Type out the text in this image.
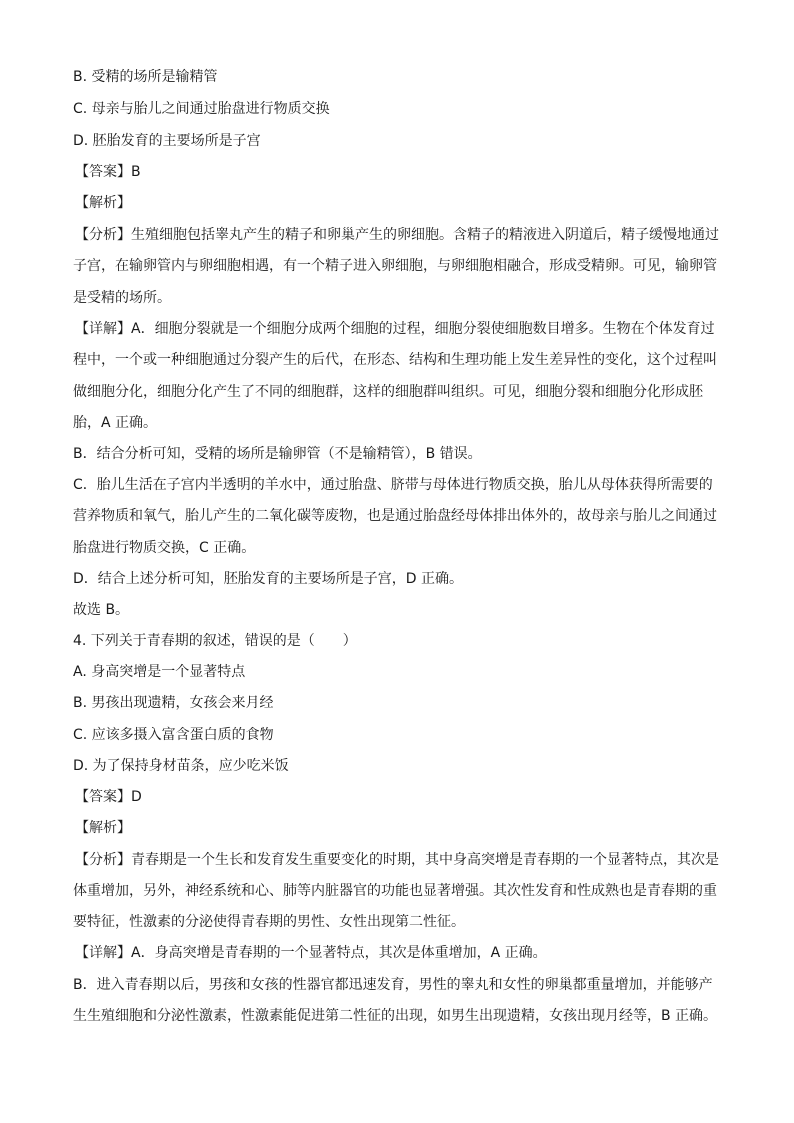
B. 受精的场所是输精管
C. 母亲与胎儿之间通过胎盘进行物质交换
D. 胚胎发育的主要场所是子宫
【答案】B
【解析】
【分析】生殖细胞包括睾丸产生的精子和卵巢产生的卵细胞。含精子的精液进入阴道后，精子缓慢地通过
子宫，在输卵管内与卵细胞相遇，有一个精子进入卵细胞，与卵细胞相融合，形成受精卵。可见，输卵管
是受精的场所。
【详解】A．细胞分裂就是一个细胞分成两个细胞的过程，细胞分裂使细胞数目增多。生物在个体发育过
程中，一个或一种细胞通过分裂产生的后代，在形态、结构和生理功能上发生差异性的变化，这个过程叫
做细胞分化，细胞分化产生了不同的细胞群，这样的细胞群叫组织。可见，细胞分裂和细胞分化形成胚
胎，A 正确。
B．结合分析可知，受精的场所是输卵管（不是输精管），B 错误。
C．胎儿生活在子宫内半透明的羊水中，通过胎盘、脐带与母体进行物质交换，胎儿从母体获得所需要的
营养物质和氧气，胎儿产生的二氧化碳等废物，也是通过胎盘经母体排出体外的，故母亲与胎儿之间通过
胎盘进行物质交换，C 正确。
D．结合上述分析可知，胚胎发育的主要场所是子宫，D 正确。
故选 B。
4. 下列关于青春期的叙述，错误的是（　　）
A. 身高突增是一个显著特点
B. 男孩出现遗精，女孩会来月经
C. 应该多摄入富含蛋白质的食物
D. 为了保持身材苗条，应少吃米饭
【答案】D
【解析】
【分析】青春期是一个生长和发育发生重要变化的时期，其中身高突增是青春期的一个显著特点，其次是
体重增加，另外，神经系统和心、肺等内脏器官的功能也显著增强。其次性发育和性成熟也是青春期的重
要特征，性激素的分泌使得青春期的男性、女性出现第二性征。
【详解】A．身高突增是青春期的一个显著特点，其次是体重增加，A 正确。
B．进入青春期以后，男孩和女孩的性器官都迅速发育，男性的睾丸和女性的卵巢都重量增加，并能够产
生生殖细胞和分泌性激素，性激素能促进第二性征的出现，如男生出现遗精，女孩出现月经等，B 正确。
